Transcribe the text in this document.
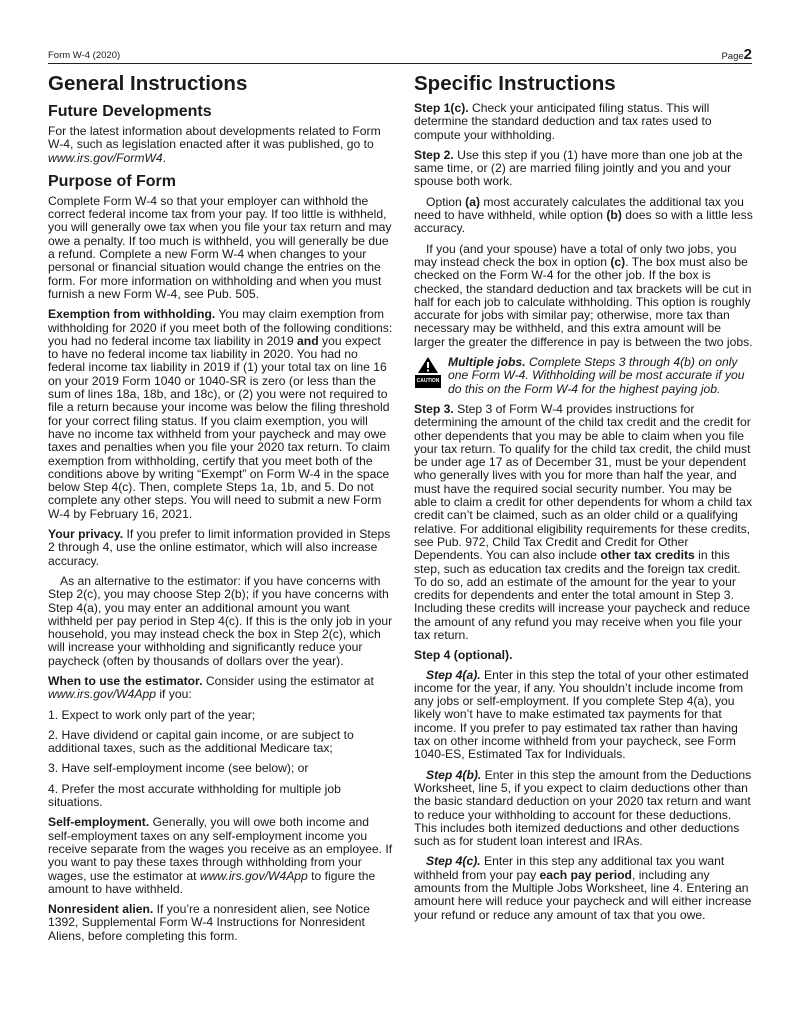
Form W-4 (2020)	Page2
General Instructions
Future Developments

For the latest information about developments related to Form W-4, such as legislation enacted after it was published, go to www.irs.gov/FormW4.

Purpose of Form

Complete Form W-4 so that your employer can withhold the correct federal income tax from your pay. If too little is withheld, you will generally owe tax when you file your tax return and may owe a penalty. If too much is withheld, you will generally be due a refund. Complete a new Form W-4 when changes to your personal or financial situation would change the entries on the form. For more information on withholding and when you must furnish a new Form W-4, see Pub. 505.

Exemption from withholding. You may claim exemption from withholding for 2020 if you meet both of the following conditions: you had no federal income tax liability in 2019 and you expect to have no federal income tax liability in 2020. You had no federal income tax liability in 2019 if (1) your total tax on line 16 on your 2019 Form 1040 or 1040-SR is zero (or less than the sum of lines 18a, 18b, and 18c), or (2) you were not required to file a return because your income was below the filing threshold for your correct filing status. If you claim exemption, you will have no income tax withheld from your paycheck and may owe taxes and penalties when you file your 2020 tax return. To claim exemption from withholding, certify that you meet both of the conditions above by writing “Exempt” on Form W-4 in the space below Step 4(c). Then, complete Steps 1a, 1b, and 5. Do not complete any other steps. You will need to submit a new Form W-4 by February 16, 2021.

Your privacy. If you prefer to limit information provided in Steps 2 through 4, use the online estimator, which will also increase accuracy.

As an alternative to the estimator: if you have concerns with Step 2(c), you may choose Step 2(b); if you have concerns with Step 4(a), you may enter an additional amount you want withheld per pay period in Step 4(c). If this is the only job in your household, you may instead check the box in Step 2(c), which will increase your withholding and significantly reduce your paycheck (often by thousands of dollars over the year).

When to use the estimator. Consider using the estimator at www.irs.gov/W4App if you:

1. Expect to work only part of the year;

2. Have dividend or capital gain income, or are subject to additional taxes, such as the additional Medicare tax;

3. Have self-employment income (see below); or

4. Prefer the most accurate withholding for multiple job situations.

Self-employment. Generally, you will owe both income and self-employment taxes on any self-employment income you receive separate from the wages you receive as an employee. If you want to pay these taxes through withholding from your wages, use the estimator at www.irs.gov/W4App to figure the amount to have withheld.

Nonresident alien. If you’re a nonresident alien, see Notice 1392, Supplemental Form W-4 Instructions for Nonresident Aliens, before completing this form.

Specific Instructions

Step 1(c). Check your anticipated filing status. This will determine the standard deduction and tax rates used to compute your withholding.

Step 2. Use this step if you (1) have more than one job at the same time, or (2) are married filing jointly and you and your spouse both work.

Option (a) most accurately calculates the additional tax you need to have withheld, while option (b) does so with a little less accuracy.

If you (and your spouse) have a total of only two jobs, you may instead check the box in option (c). The box must also be checked on the Form W-4 for the other job. If the box is checked, the standard deduction and tax brackets will be cut in half for each job to calculate withholding. This option is roughly accurate for jobs with similar pay; otherwise, more tax than necessary may be withheld, and this extra amount will be larger the greater the difference in pay is between the two jobs.

CAUTION
Multiple jobs. Complete Steps 3 through 4(b) on only one Form W-4. Withholding will be most accurate if you do this on the Form W-4 for the highest paying job.

Step 3. Step 3 of Form W-4 provides instructions for determining the amount of the child tax credit and the credit for other dependents that you may be able to claim when you file your tax return. To qualify for the child tax credit, the child must be under age 17 as of December 31, must be your dependent who generally lives with you for more than half the year, and must have the required social security number. You may be able to claim a credit for other dependents for whom a child tax credit can’t be claimed, such as an older child or a qualifying relative. For additional eligibility requirements for these credits, see Pub. 972, Child Tax Credit and Credit for Other Dependents. You can also include other tax credits in this step, such as education tax credits and the foreign tax credit. To do so, add an estimate of the amount for the year to your credits for dependents and enter the total amount in Step 3. Including these credits will increase your paycheck and reduce the amount of any refund you may receive when you file your tax return.

Step 4 (optional).

Step 4(a). Enter in this step the total of your other estimated income for the year, if any. You shouldn’t include income from any jobs or self-employment. If you complete Step 4(a), you likely won’t have to make estimated tax payments for that income. If you prefer to pay estimated tax rather than having tax on other income withheld from your paycheck, see Form 1040-ES, Estimated Tax for Individuals.

Step 4(b). Enter in this step the amount from the Deductions Worksheet, line 5, if you expect to claim deductions other than the basic standard deduction on your 2020 tax return and want to reduce your withholding to account for these deductions. This includes both itemized deductions and other deductions such as for student loan interest and IRAs.

Step 4(c). Enter in this step any additional tax you want withheld from your pay each pay period, including any amounts from the Multiple Jobs Worksheet, line 4. Entering an amount here will reduce your paycheck and will either increase your refund or reduce any amount of tax that you owe.
